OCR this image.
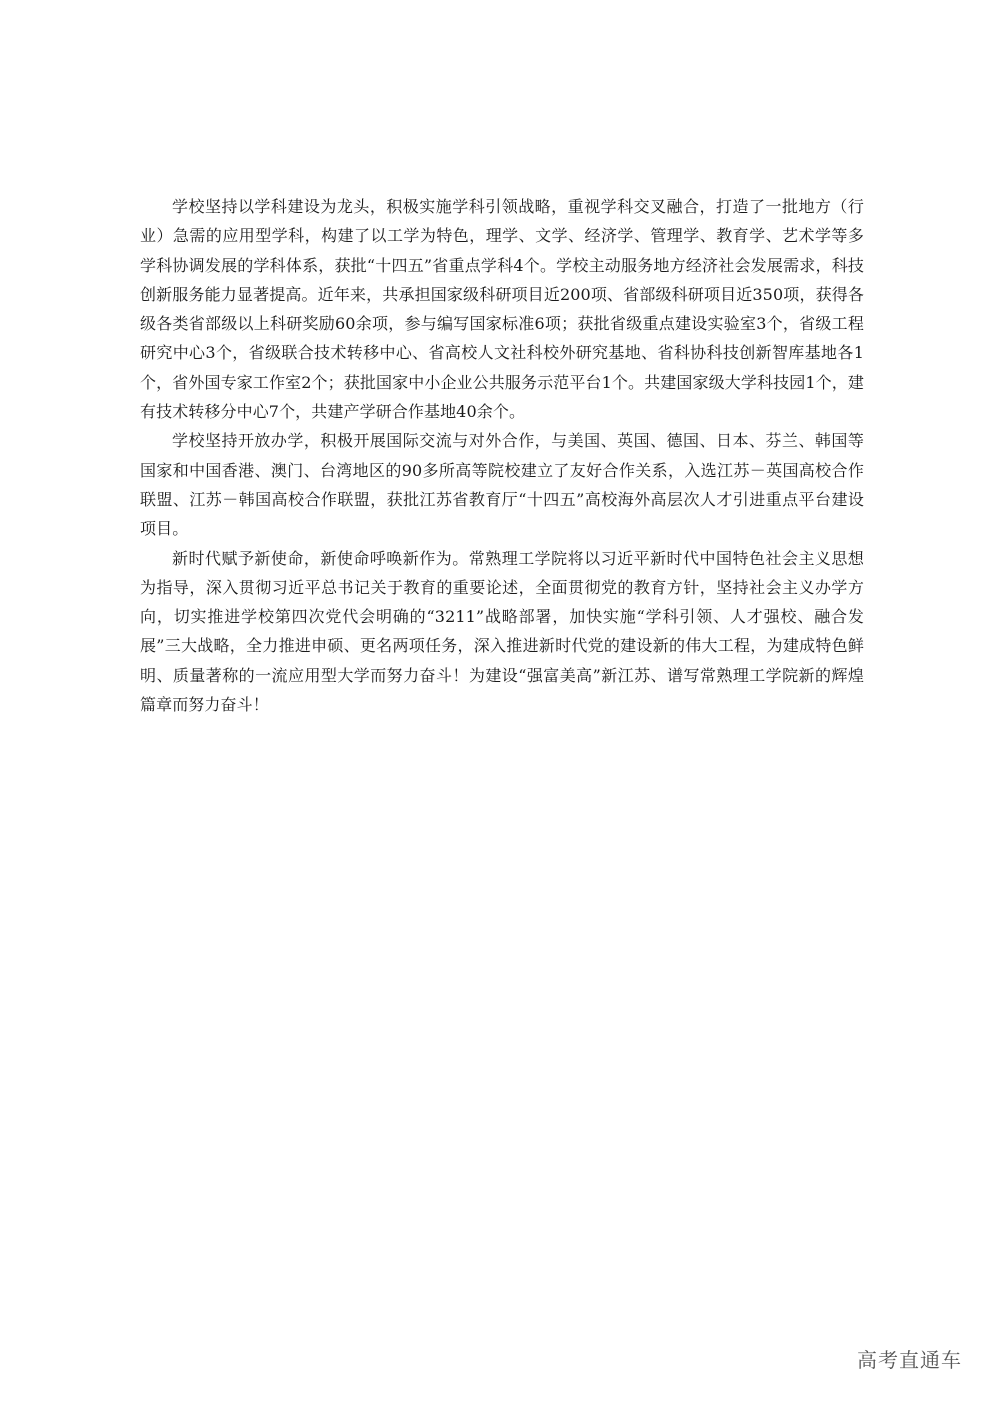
学校坚持以学科建设为龙头，积极实施学科引领战略，重视学科交叉融合，打造了一批地方（行业）急需的应用型学科，构建了以工学为特色，理学、文学、经济学、管理学、教育学、艺术学等多学科协调发展的学科体系，获批“十四五”省重点学科4个。学校主动服务地方经济社会发展需求，科技创新服务能力显著提高。近年来，共承担国家级科研项目近200项、省部级科研项目近350项，获得各级各类省部级以上科研奖励60余项，参与编写国家标准6项；获批省级重点建设实验室3个，省级工程研究中心3个，省级联合技术转移中心、省高校人文社科校外研究基地、省科协科技创新智库基地各1个，省外国专家工作室2个；获批国家中小企业公共服务示范平台1个。共建国家级大学科技园1个，建有技术转移分中心7个，共建产学研合作基地40余个。

学校坚持开放办学，积极开展国际交流与对外合作，与美国、英国、德国、日本、芬兰、韩国等国家和中国香港、澳门、台湾地区的90多所高等院校建立了友好合作关系，入选江苏－英国高校合作联盟、江苏－韩国高校合作联盟，获批江苏省教育厅“十四五”高校海外高层次人才引进重点平台建设项目。

新时代赋予新使命，新使命呼唤新作为。常熟理工学院将以习近平新时代中国特色社会主义思想为指导，深入贯彻习近平总书记关于教育的重要论述，全面贯彻党的教育方针，坚持社会主义办学方向，切实推进学校第四次党代会明确的“3211”战略部署，加快实施“学科引领、人才强校、融合发展”三大战略，全力推进申硕、更名两项任务，深入推进新时代党的建设新的伟大工程，为建成特色鲜明、质量著称的一流应用型大学而努力奋斗！为建设“强富美高”新江苏、谱写常熟理工学院新的辉煌篇章而努力奋斗！

高考直通车
